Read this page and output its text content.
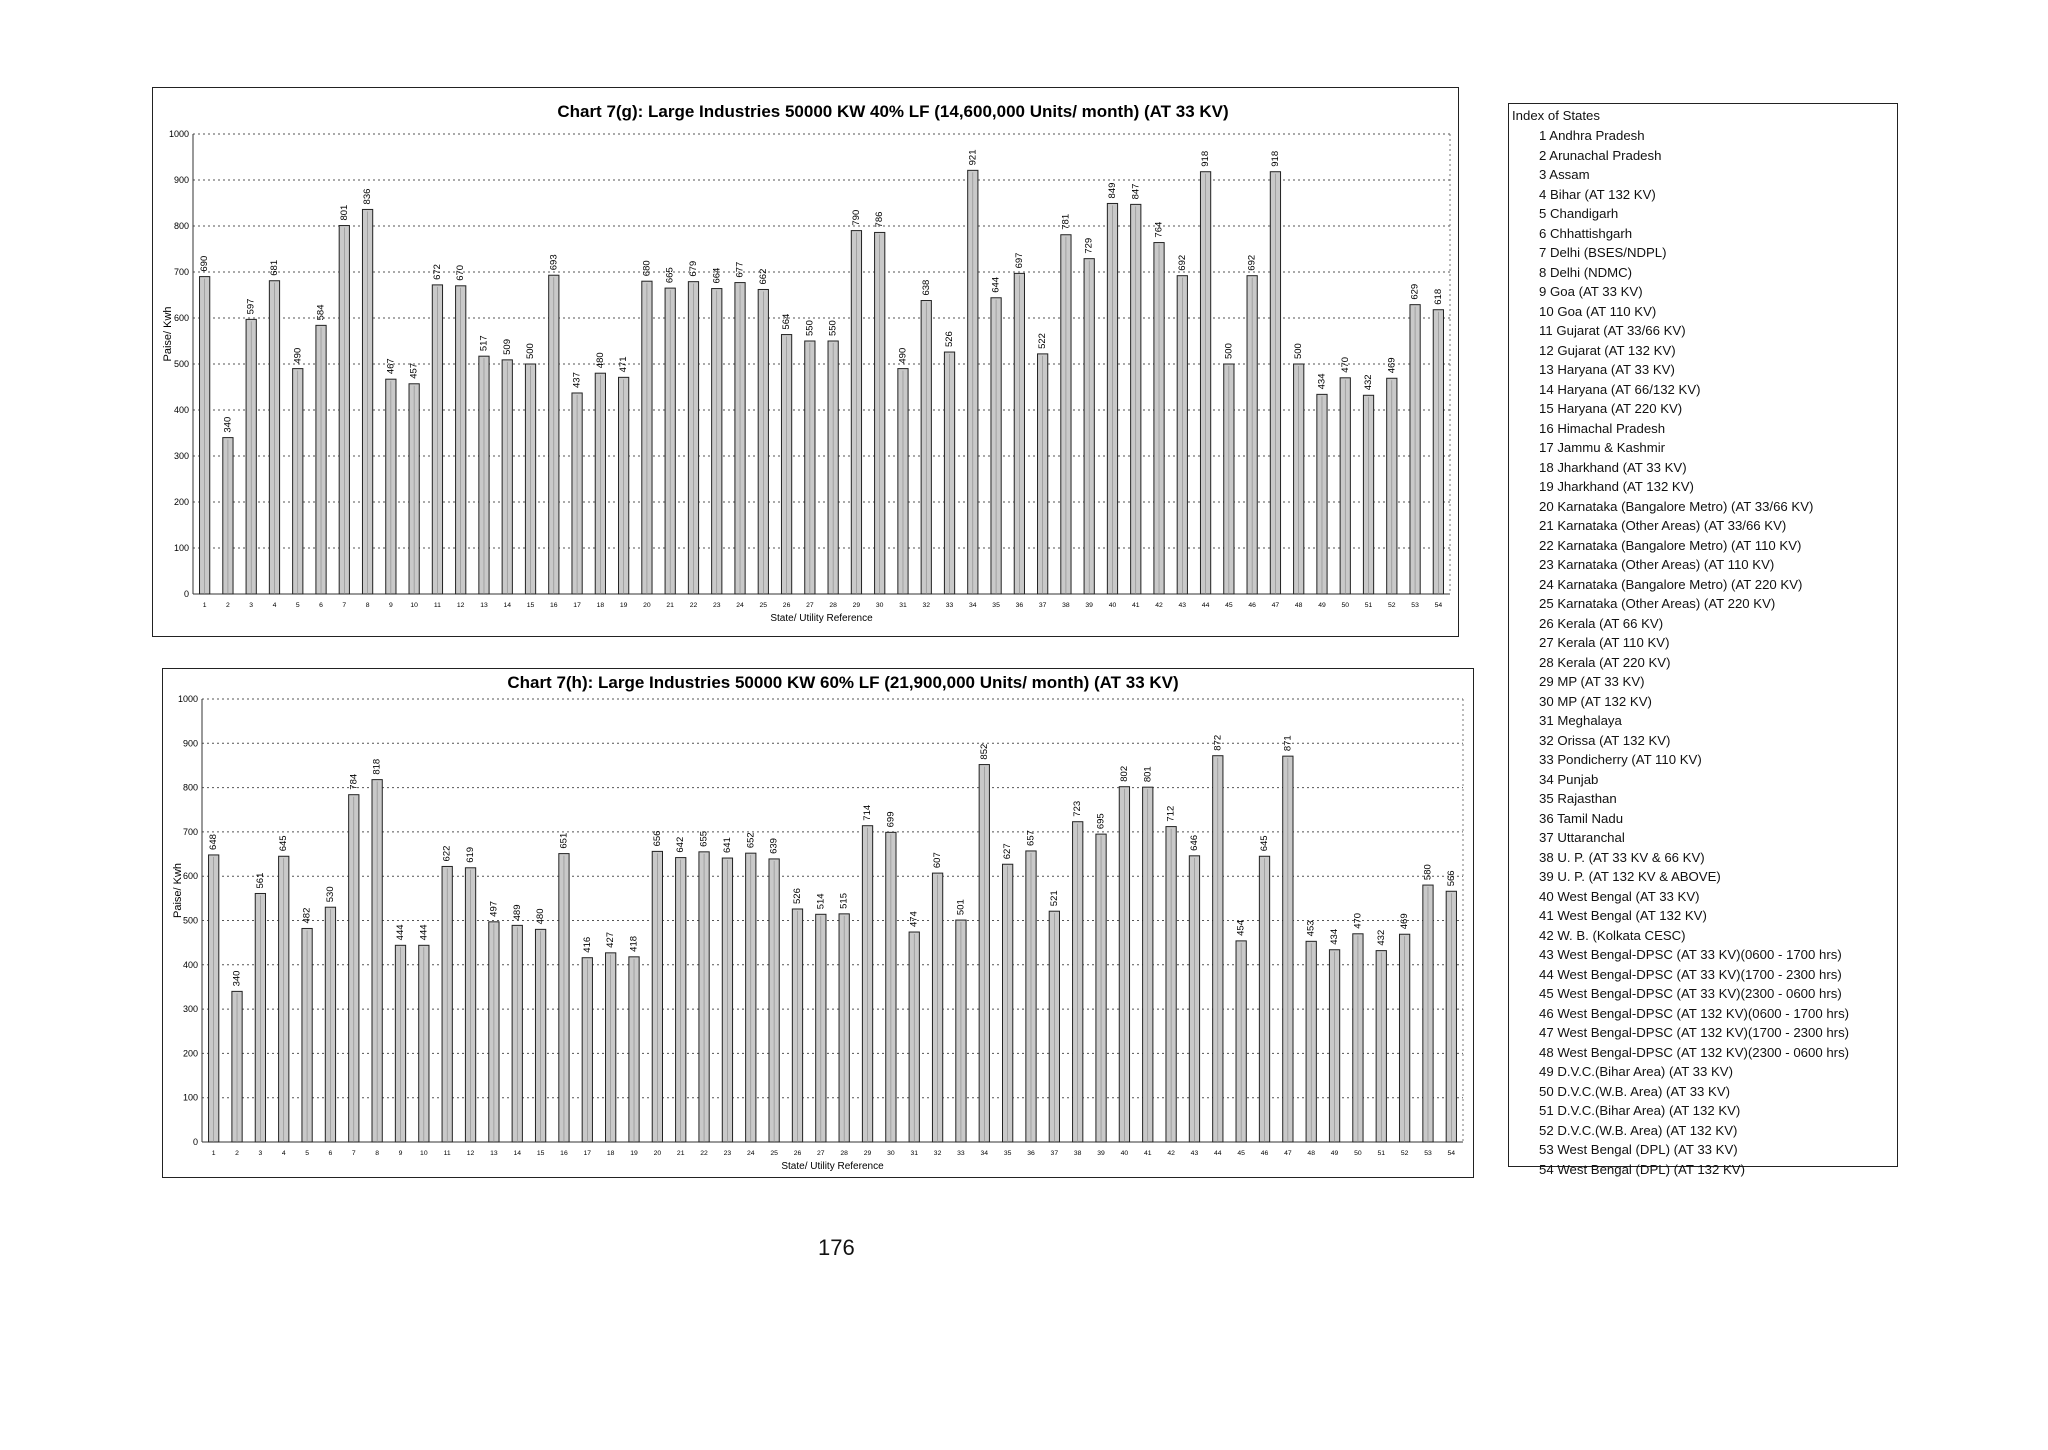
Chart 7(g): Large Industries 50000 KW 40% LF (14,600,000 Units/ month) (AT 33 KV)
0
100
200
300
400
500
600
700
800
900
1000
Paise/ Kwh
690
1
340
2
597
3
681
4
490
5
584
6
801
7
836
8
467
9
457
10
672
11
670
12
517
13
509
14
500
15
693
16
437
17
480
18
471
19
680
20
665
21
679
22
664
23
677
24
662
25
564
26
550
27
550
28
790
29
786
30
490
31
638
32
526
33
921
34
644
35
697
36
522
37
781
38
729
39
849
40
847
41
764
42
692
43
918
44
500
45
692
46
918
47
500
48
434
49
470
50
432
51
469
52
629
53
618
54
State/ Utility Reference
Chart 7(h): Large Industries 50000 KW 60% LF (21,900,000 Units/ month) (AT 33 KV)
0
100
200
300
400
500
600
700
800
900
1000
Paise/ Kwh
648
1
340
2
561
3
645
4
482
5
530
6
784
7
818
8
444
9
444
10
622
11
619
12
497
13
489
14
480
15
651
16
416
17
427
18
418
19
656
20
642
21
655
22
641
23
652
24
639
25
526
26
514
27
515
28
714
29
699
30
474
31
607
32
501
33
852
34
627
35
657
36
521
37
723
38
695
39
802
40
801
41
712
42
646
43
872
44
454
45
645
46
871
47
453
48
434
49
470
50
432
51
469
52
580
53
566
54
State/ Utility Reference
Index of States
1 Andhra Pradesh
2 Arunachal Pradesh
3 Assam
4 Bihar (AT 132 KV)
5 Chandigarh
6 Chhattishgarh
7 Delhi (BSES/NDPL)
8 Delhi (NDMC)
9 Goa (AT 33 KV)
10 Goa (AT 110 KV)
11 Gujarat (AT 33/66 KV)
12 Gujarat (AT 132 KV)
13 Haryana (AT 33 KV)
14 Haryana (AT 66/132 KV)
15 Haryana (AT 220 KV)
16 Himachal Pradesh
17 Jammu & Kashmir
18 Jharkhand (AT 33 KV)
19 Jharkhand (AT 132 KV)
20 Karnataka (Bangalore Metro) (AT 33/66 KV)
21 Karnataka (Other Areas) (AT 33/66 KV)
22 Karnataka (Bangalore Metro) (AT 110 KV)
23 Karnataka (Other Areas) (AT 110 KV)
24 Karnataka (Bangalore Metro) (AT 220 KV)
25 Karnataka (Other Areas) (AT 220 KV)
26 Kerala (AT 66 KV)
27 Kerala (AT 110 KV)
28 Kerala (AT 220 KV)
29 MP (AT 33 KV)
30 MP (AT 132 KV)
31 Meghalaya
32 Orissa (AT 132 KV)
33 Pondicherry (AT 110 KV)
34 Punjab
35 Rajasthan
36 Tamil Nadu
37 Uttaranchal
38 U. P. (AT 33 KV & 66 KV)
39 U. P. (AT 132 KV & ABOVE)
40 West Bengal (AT 33 KV)
41 West Bengal (AT 132 KV)
42 W. B. (Kolkata CESC)
43 West Bengal-DPSC (AT 33 KV)(0600 - 1700 hrs)
44 West Bengal-DPSC (AT 33 KV)(1700 - 2300 hrs)
45 West Bengal-DPSC (AT 33 KV)(2300 - 0600 hrs)
46 West Bengal-DPSC (AT 132 KV)(0600 - 1700 hrs)
47 West Bengal-DPSC (AT 132 KV)(1700 - 2300 hrs)
48 West Bengal-DPSC (AT 132 KV)(2300 - 0600 hrs)
49 D.V.C.(Bihar Area) (AT 33 KV)
50 D.V.C.(W.B. Area) (AT 33 KV)
51 D.V.C.(Bihar Area) (AT 132 KV)
52 D.V.C.(W.B. Area) (AT 132 KV)
53 West Bengal (DPL) (AT 33 KV)
54 West Bengal (DPL) (AT 132 KV)
176
